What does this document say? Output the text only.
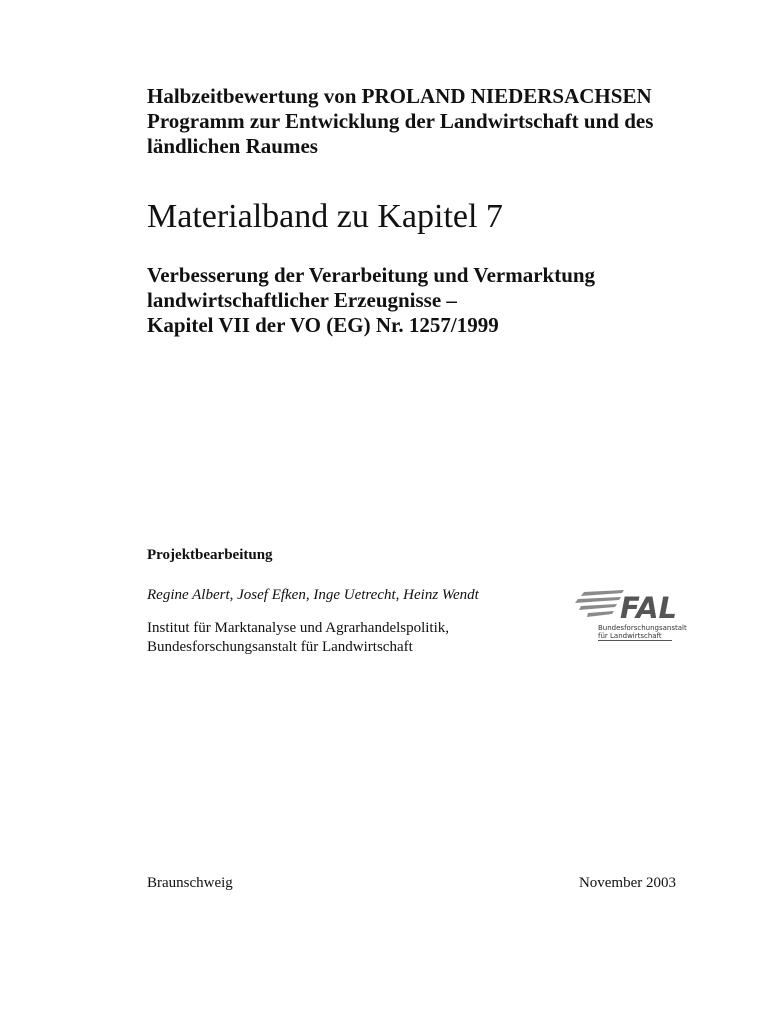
Halbzeitbewertung von PROLAND NIEDERSACHSEN
Programm zur Entwicklung der Landwirtschaft und des
ländlichen Raumes
Materialband zu Kapitel 7
Verbesserung der Verarbeitung und Vermarktung
landwirtschaftlicher Erzeugnisse –
Kapitel VII der VO (EG) Nr. 1257/1999
Projektbearbeitung
Regine Albert, Josef Efken, Inge Uetrecht, Heinz Wendt
Institut für Marktanalyse und Agrarhandelspolitik,
Bundesforschungsanstalt für Landwirtschaft
FAL
Bundesforschungsanstalt
für Landwirtschaft
Braunschweig	November 2003
